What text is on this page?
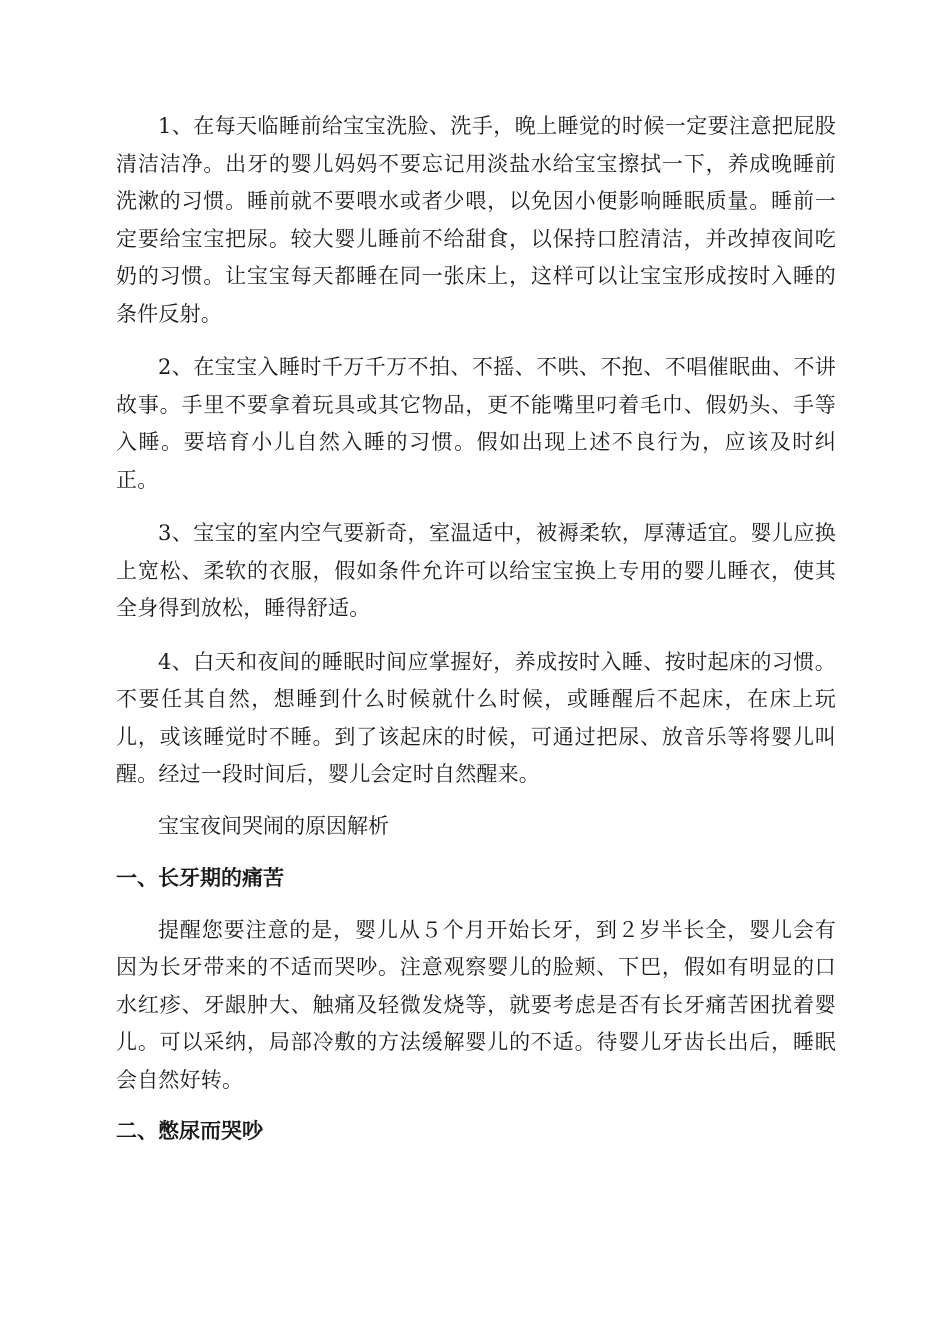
1、在每天临睡前给宝宝洗脸、洗手，晚上睡觉的时候一定要注意把屁股清洁洁净。出牙的婴儿妈妈不要忘记用淡盐水给宝宝擦拭一下，养成晚睡前洗漱的习惯。睡前就不要喂水或者少喂，以免因小便影响睡眠质量。睡前一定要给宝宝把尿。较大婴儿睡前不给甜食，以保持口腔清洁，并改掉夜间吃奶的习惯。让宝宝每天都睡在同一张床上，这样可以让宝宝形成按时入睡的条件反射。

2、在宝宝入睡时千万千万不拍、不摇、不哄、不抱、不唱催眠曲、不讲故事。手里不要拿着玩具或其它物品，更不能嘴里叼着毛巾、假奶头、手等入睡。要培育小儿自然入睡的习惯。假如出现上述不良行为，应该及时纠正。

3、宝宝的室内空气要新奇，室温适中，被褥柔软，厚薄适宜。婴儿应换上宽松、柔软的衣服，假如条件允许可以给宝宝换上专用的婴儿睡衣，使其全身得到放松，睡得舒适。

4、白天和夜间的睡眠时间应掌握好，养成按时入睡、按时起床的习惯。不要任其自然，想睡到什么时候就什么时候，或睡醒后不起床，在床上玩儿，或该睡觉时不睡。到了该起床的时候，可通过把尿、放音乐等将婴儿叫醒。经过一段时间后，婴儿会定时自然醒来。

宝宝夜间哭闹的原因解析

一、长牙期的痛苦

提醒您要注意的是，婴儿从５个月开始长牙，到２岁半长全，婴儿会有因为长牙带来的不适而哭吵。注意观察婴儿的脸颊、下巴，假如有明显的口水红疹、牙龈肿大、触痛及轻微发烧等，就要考虑是否有长牙痛苦困扰着婴儿。可以采纳，局部冷敷的方法缓解婴儿的不适。待婴儿牙齿长出后，睡眠会自然好转。

二、憋尿而哭吵
